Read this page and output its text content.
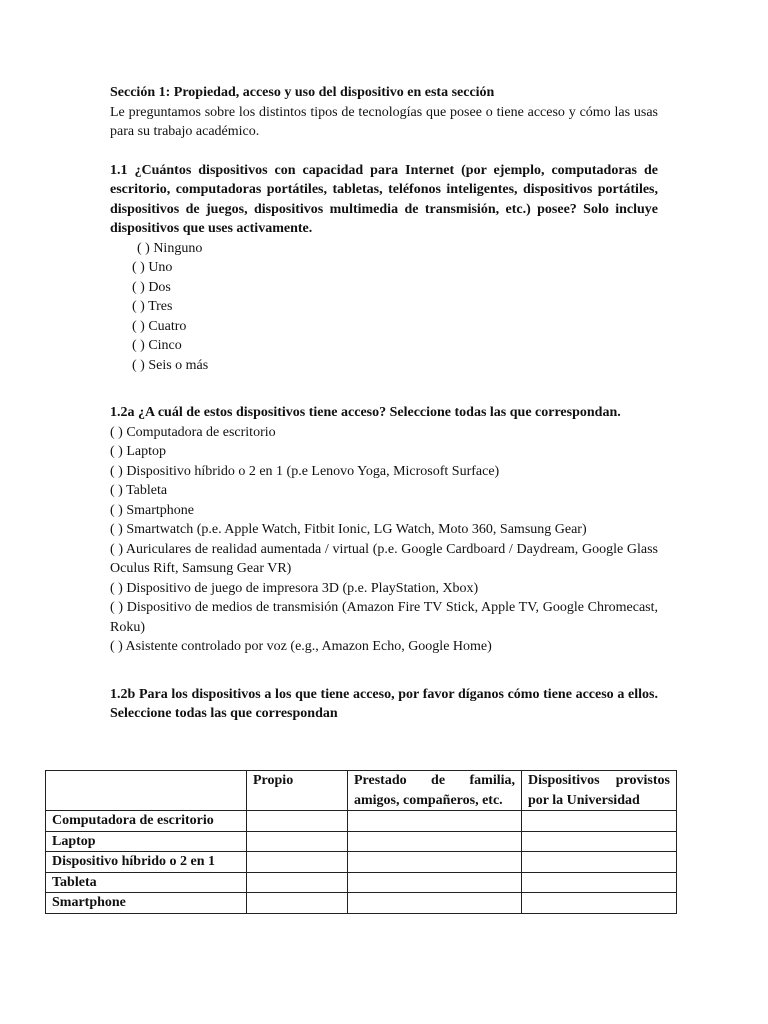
Sección 1: Propiedad, acceso y uso del dispositivo en esta sección

Le preguntamos sobre los distintos tipos de tecnologías que posee o tiene acceso y cómo las usas para su trabajo académico.

1.1 ¿Cuántos dispositivos con capacidad para Internet (por ejemplo, computadoras de escritorio, computadoras portátiles, tabletas, teléfonos inteligentes, dispositivos portátiles, dispositivos de juegos, dispositivos multimedia de transmisión, etc.) posee? Solo incluye dispositivos que uses activamente.

( ) Ninguno
( ) Uno
( ) Dos
( ) Tres
( ) Cuatro
( ) Cinco
( ) Seis o más

1.2a ¿A cuál de estos dispositivos tiene acceso? Seleccione todas las que correspondan.

( ) Computadora de escritorio
( ) Laptop
( ) Dispositivo híbrido o 2 en 1 (p.e Lenovo Yoga, Microsoft Surface)
( ) Tableta
( ) Smartphone
( ) Smartwatch (p.e. Apple Watch, Fitbit Ionic, LG Watch, Moto 360, Samsung Gear)
( ) Auriculares de realidad aumentada / virtual (p.e. Google Cardboard / Daydream, Google Glass Oculus Rift, Samsung Gear VR)
( ) Dispositivo de juego de impresora 3D (p.e. PlayStation, Xbox)
( ) Dispositivo de medios de transmisión (Amazon Fire TV Stick, Apple TV, Google Chromecast, Roku)
( ) Asistente controlado por voz (e.g., Amazon Echo, Google Home)

1.2b Para los dispositivos a los que tiene acceso, por favor díganos cómo tiene acceso a ellos. Seleccione todas las que correspondan

	Propio	Prestado de familia, amigos, compañeros, etc.	Dispositivos provistos por la Universidad
Computadora de escritorio			
Laptop			
Dispositivo híbrido o 2 en 1			
Tableta			
Smartphone			
